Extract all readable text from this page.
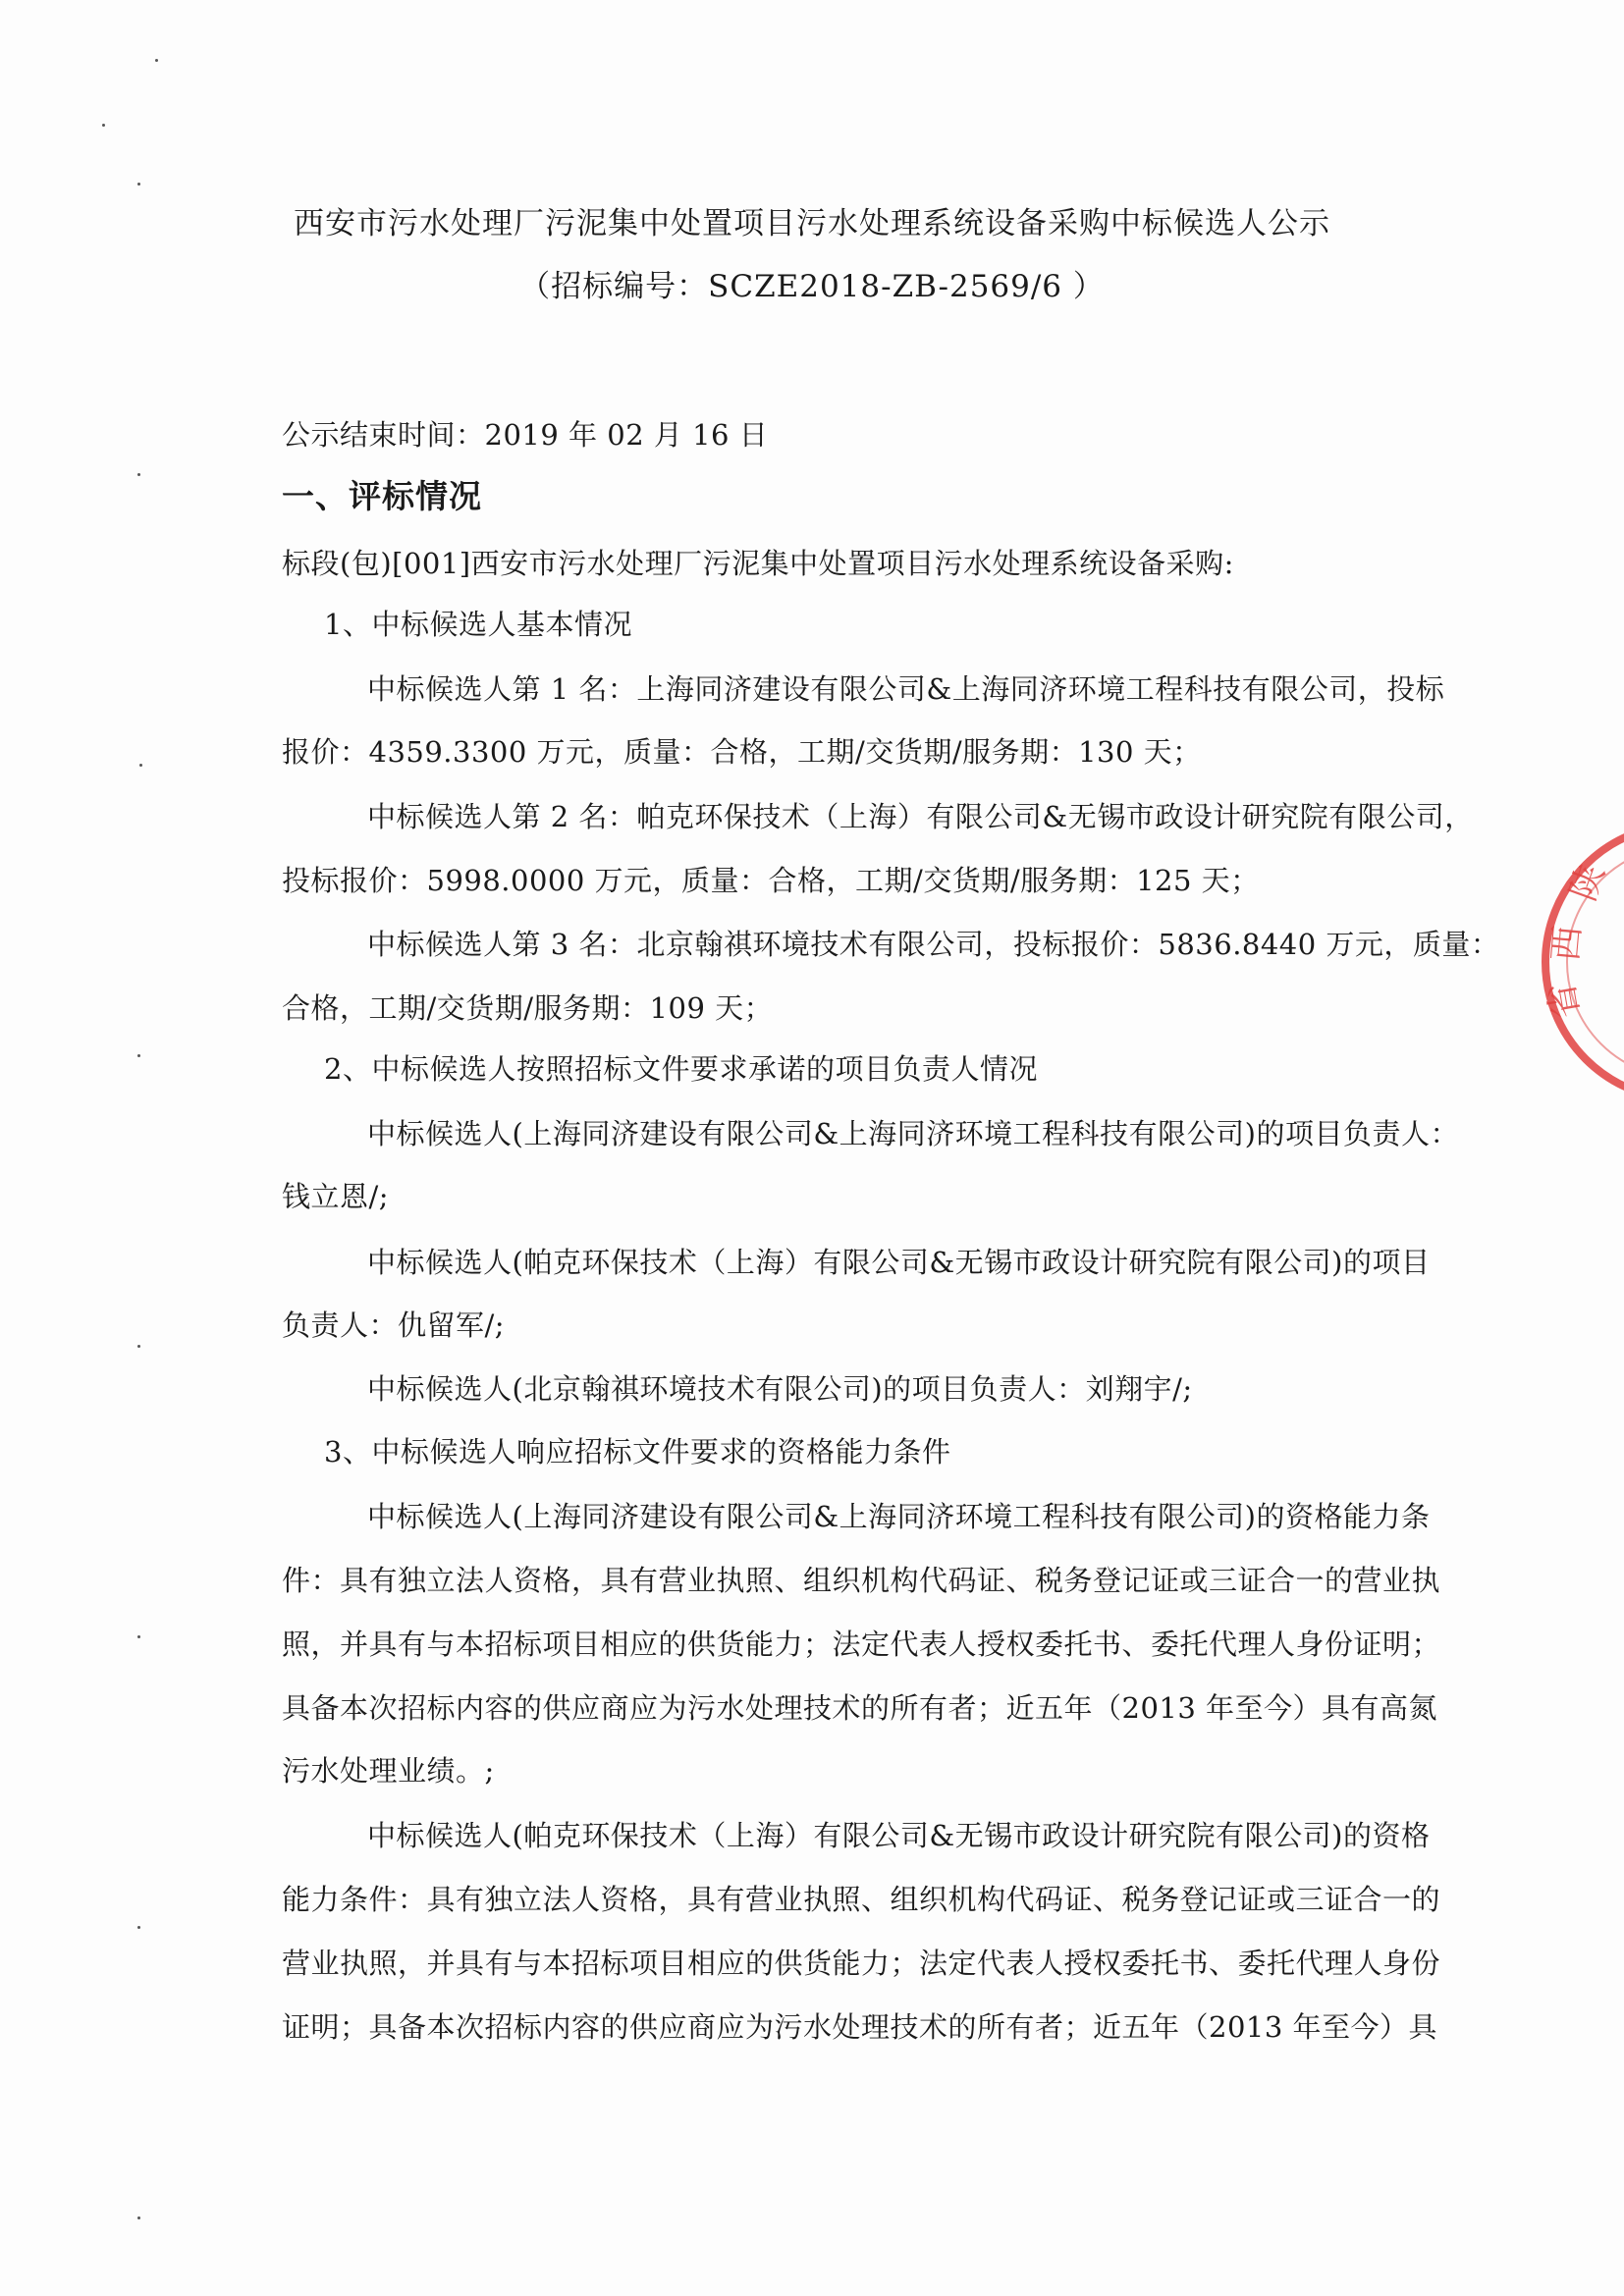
西安市污水处理厂污泥集中处置项目污水处理系统设备采购中标候选人公示
（招标编号：SCZE2018-ZB-2569/6 ）
公示结束时间：2019 年 02 月 16 日
一、评标情况
标段(包)[001]西安市污水处理厂污泥集中处置项目污水处理系统设备采购:
1、中标候选人基本情况
中标候选人第 1 名：上海同济建设有限公司&上海同济环境工程科技有限公司，投标
报价：4359.3300 万元，质量：合格，工期/交货期/服务期：130 天；
中标候选人第 2 名：帕克环保技术（上海）有限公司&无锡市政设计研究院有限公司，
投标报价：5998.0000 万元，质量：合格，工期/交货期/服务期：125 天；
中标候选人第 3 名：北京翰祺环境技术有限公司，投标报价：5836.8440 万元，质量：
合格，工期/交货期/服务期：109 天；
2、中标候选人按照招标文件要求承诺的项目负责人情况
中标候选人(上海同济建设有限公司&上海同济环境工程科技有限公司)的项目负责人：
钱立恩/;
中标候选人(帕克环保技术（上海）有限公司&无锡市政设计研究院有限公司)的项目
负责人：仇留军/;
中标候选人(北京翰祺环境技术有限公司)的项目负责人：刘翔宇/;
3、中标候选人响应招标文件要求的资格能力条件
中标候选人(上海同济建设有限公司&上海同济环境工程科技有限公司)的资格能力条
件：具有独立法人资格，具有营业执照、组织机构代码证、税务登记证或三证合一的营业执
照，并具有与本招标项目相应的供货能力；法定代表人授权委托书、委托代理人身份证明；
具备本次招标内容的供应商应为污水处理技术的所有者；近五年（2013 年至今）具有高氮
污水处理业绩。;
中标候选人(帕克环保技术（上海）有限公司&无锡市政设计研究院有限公司)的资格
能力条件：具有独立法人资格，具有营业执照、组织机构代码证、税务登记证或三证合一的
营业执照，并具有与本招标项目相应的供货能力；法定代表人授权委托书、委托代理人身份
证明；具备本次招标内容的供应商应为污水处理技术的所有者；近五年（2013 年至今）具
陕
西
省
